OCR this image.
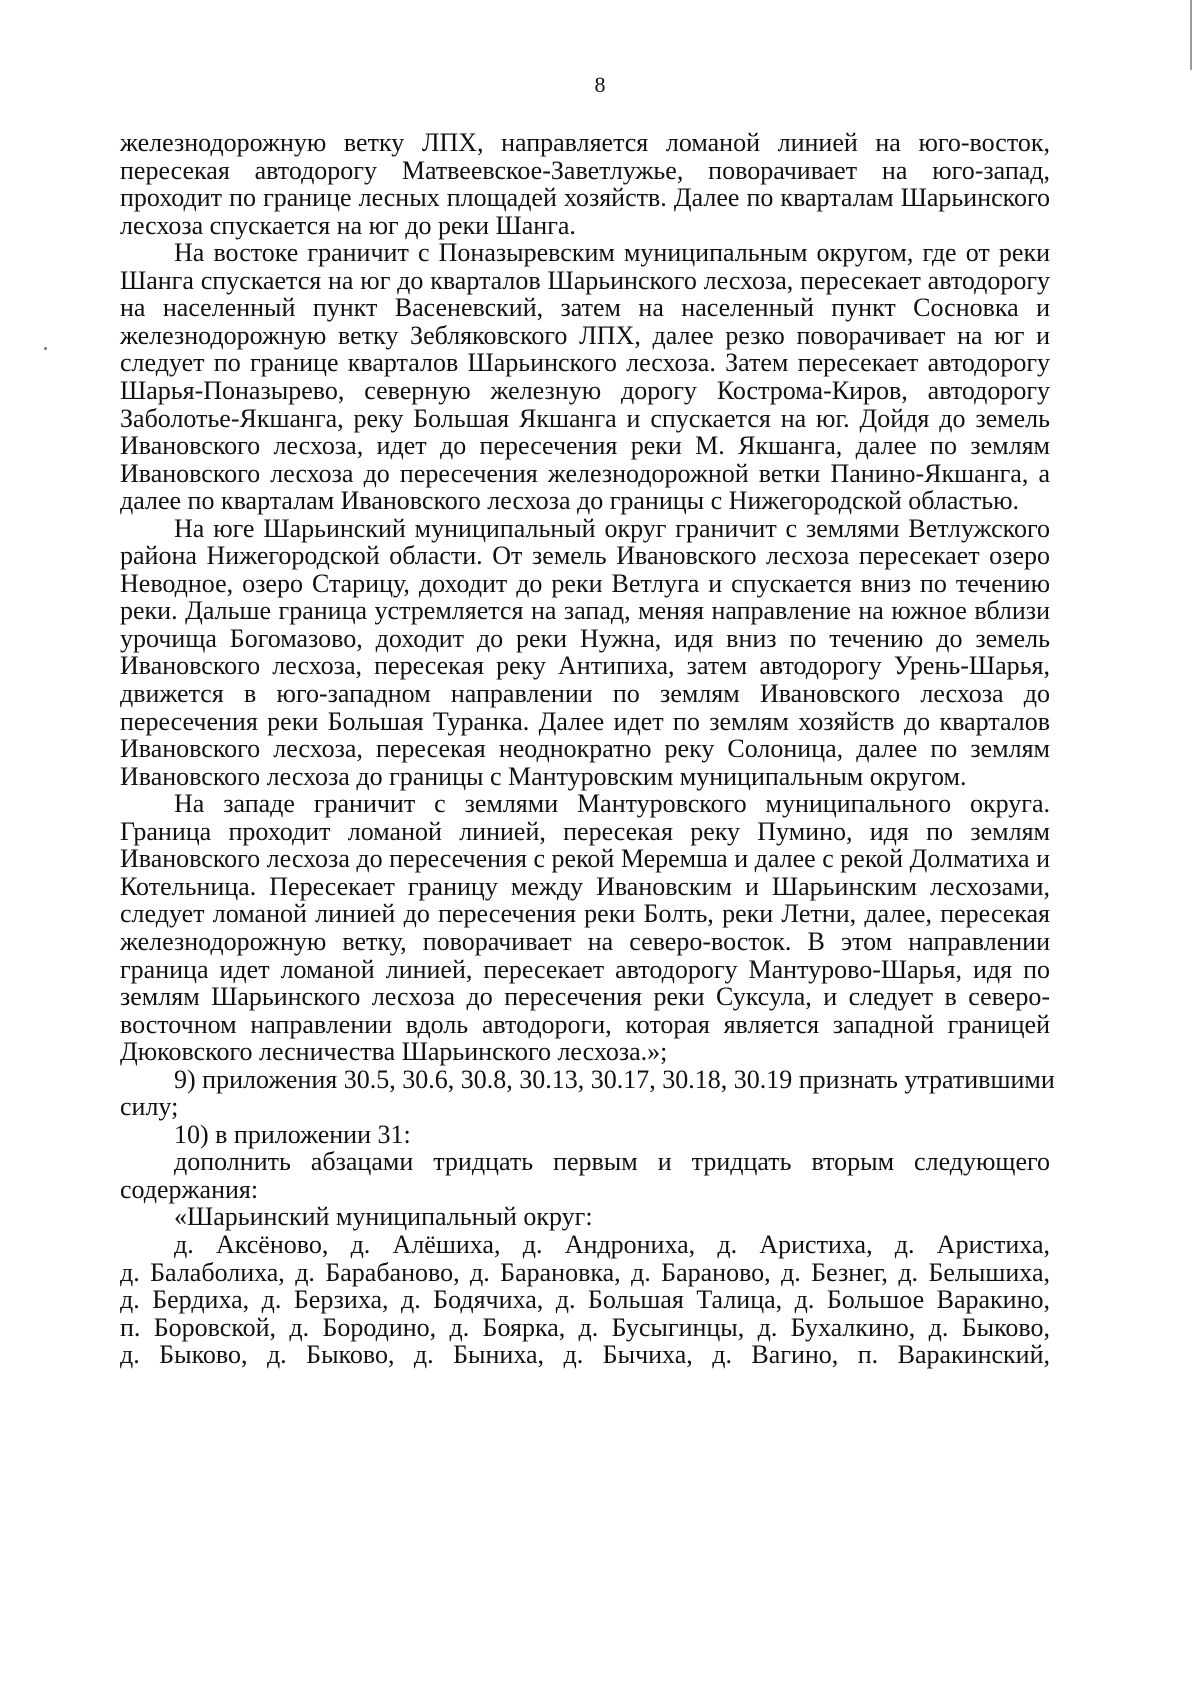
8
железнодорожную ветку ЛПХ, направляется ломаной линией на юго-восток,
пересекая автодорогу Матвеевское-Заветлужье, поворачивает на юго-запад,
проходит по границе лесных площадей хозяйств. Далее по кварталам Шарьинского
лесхоза спускается на юг до реки Шанга.
На востоке граничит с Поназыревским муниципальным округом, где от реки
Шанга спускается на юг до кварталов Шарьинского лесхоза, пересекает автодорогу
на населенный пункт Васеневский, затем на населенный пункт Сосновка и
железнодорожную ветку Зебляковского ЛПХ, далее резко поворачивает на юг и
следует по границе кварталов Шарьинского лесхоза. Затем пересекает автодорогу
Шарья-Поназырево, северную железную дорогу Кострома-Киров, автодорогу
Заболотье-Якшанга, реку Большая Якшанга и спускается на юг. Дойдя до земель
Ивановского лесхоза, идет до пересечения реки М. Якшанга, далее по землям
Ивановского лесхоза до пересечения железнодорожной ветки Панино-Якшанга, а
далее по кварталам Ивановского лесхоза до границы с Нижегородской областью.
На юге Шарьинский муниципальный округ граничит с землями Ветлужского
района Нижегородской области. От земель Ивановского лесхоза пересекает озеро
Неводное, озеро Старицу, доходит до реки Ветлуга и спускается вниз по течению
реки. Дальше граница устремляется на запад, меняя направление на южное вблизи
урочища Богомазово, доходит до реки Нужна, идя вниз по течению до земель
Ивановского лесхоза, пересекая реку Антипиха, затем автодорогу Урень-Шарья,
движется в юго-западном направлении по землям Ивановского лесхоза до
пересечения реки Большая Туранка. Далее идет по землям хозяйств до кварталов
Ивановского лесхоза, пересекая неоднократно реку Солоница, далее по землям
Ивановского лесхоза до границы с Мантуровским муниципальным округом.
На западе граничит с землями Мантуровского муниципального округа.
Граница проходит ломаной линией, пересекая реку Пумино, идя по землям
Ивановского лесхоза до пересечения с рекой Меремша и далее с рекой Долматиха и
Котельница. Пересекает границу между Ивановским и Шарьинским лесхозами,
следует ломаной линией до пересечения реки Болть, реки Летни, далее, пересекая
железнодорожную ветку, поворачивает на северо-восток. В этом направлении
граница идет ломаной линией, пересекает автодорогу Мантурово-Шарья, идя по
землям Шарьинского лесхоза до пересечения реки Суксула, и следует в северо-
восточном направлении вдоль автодороги, которая является западной границей
Дюковского лесничества Шарьинского лесхоза.»;
9) приложения 30.5, 30.6, 30.8, 30.13, 30.17, 30.18, 30.19 признать утратившими
силу;
10) в приложении 31:
дополнить абзацами тридцать первым и тридцать вторым следующего
содержания:
«Шарьинский муниципальный округ:
д. Аксёново, д. Алёшиха, д. Андрониха, д. Аристиха, д. Аристиха,
д. Балаболиха, д. Барабаново, д. Барановка, д. Бараново, д. Безнег, д. Белышиха,
д. Бердиха, д. Берзиха, д. Бодячиха, д. Большая Талица, д. Большое Варакино,
п. Боровской, д. Бородино, д. Боярка, д. Бусыгинцы, д. Бухалкино, д. Быково,
д. Быково, д. Быково, д. Быниха, д. Бычиха, д. Вагино, п. Варакинский,
